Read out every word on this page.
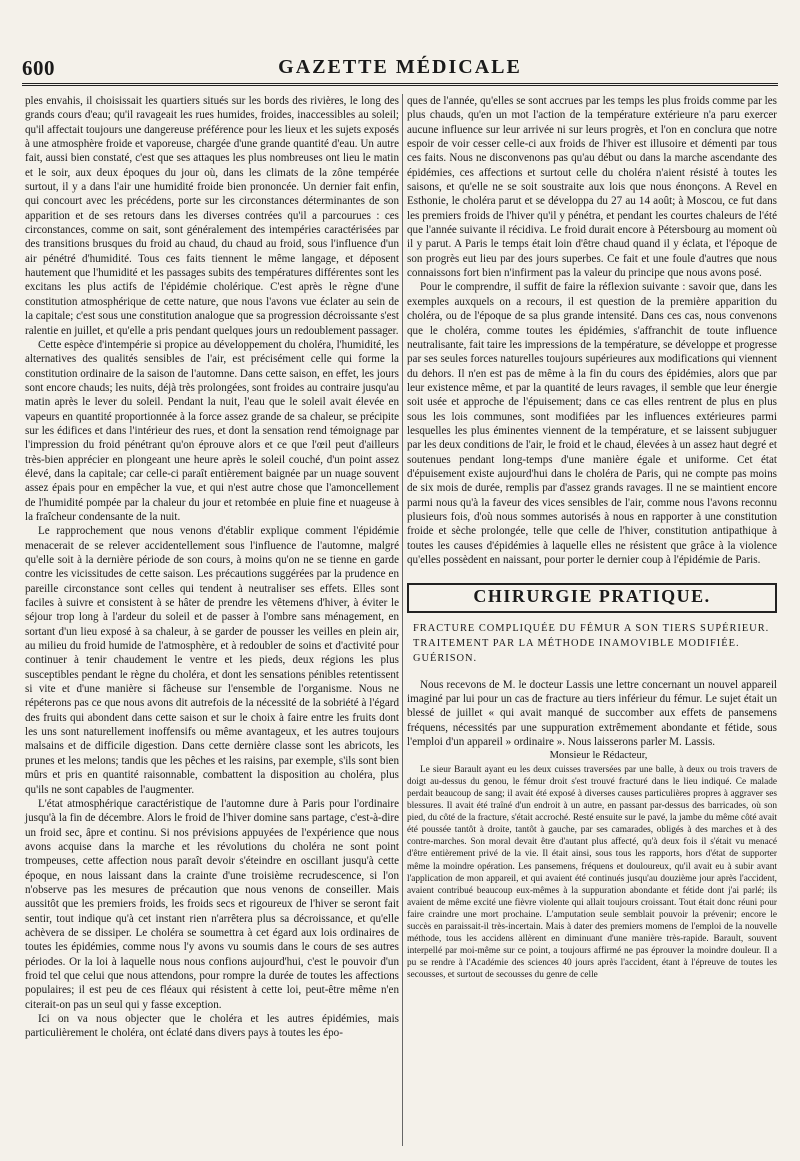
600	GAZETTE MÉDICALE

ples envahis, il choisissait les quartiers situés sur les bords des rivières, le long des grands cours d'eau; qu'il ravageait les rues humides, froides, inaccessibles au soleil; qu'il affectait toujours une dangereuse préférence pour les lieux et les sujets exposés à une atmosphère froide et vaporeuse, chargée d'une grande quantité d'eau. Un autre fait, aussi bien constaté, c'est que ses attaques les plus nombreuses ont lieu le matin et le soir, aux deux époques du jour où, dans les climats de la zône tempérée surtout, il y a dans l'air une humidité froide bien prononcée. Un dernier fait enfin, qui concourt avec les précédens, porte sur les circonstances déterminantes de son apparition et de ses retours dans les diverses contrées qu'il a parcourues : ces circonstances, comme on sait, sont généralement des intempéries caractérisées par des transitions brusques du froid au chaud, du chaud au froid, sous l'influence d'un air pénétré d'humidité. Tous ces faits tiennent le même langage, et déposent hautement que l'humidité et les passages subits des températures différentes sont les excitans les plus actifs de l'épidémie cholérique. C'est après le règne d'une constitution atmosphérique de cette nature, que nous l'avons vue éclater au sein de la capitale; c'est sous une constitution analogue que sa progression décroissante s'est ralentie en juillet, et qu'elle a pris pendant quelques jours un redoublement passager.

Cette espèce d'intempérie si propice au développement du choléra, l'humidité, les alternatives des qualités sensibles de l'air, est précisément celle qui forme la constitution ordinaire de la saison de l'automne. Dans cette saison, en effet, les jours sont encore chauds; les nuits, déjà très prolongées, sont froides au contraire jusqu'au matin après le lever du soleil. Pendant la nuit, l'eau que le soleil avait élevée en vapeurs en quantité proportionnée à la force assez grande de sa chaleur, se précipite sur les édifices et dans l'intérieur des rues, et dont la sensation rend témoignage par l'impression du froid pénétrant qu'on éprouve alors et ce que l'œil peut d'ailleurs très-bien apprécier en plongeant une heure après le soleil couché, d'un point assez élevé, dans la capitale; car celle-ci paraît entièrement baignée par un nuage souvent assez épais pour en empêcher la vue, et qui n'est autre chose que l'amoncellement de l'humidité pompée par la chaleur du jour et retombée en pluie fine et nuageuse à la fraîcheur condensante de la nuit.

Le rapprochement que nous venons d'établir explique comment l'épidémie menacerait de se relever accidentellement sous l'influence de l'automne, malgré qu'elle soit à la dernière période de son cours, à moins qu'on ne se tienne en garde contre les vicissitudes de cette saison. Les précautions suggérées par la prudence en pareille circonstance sont celles qui tendent à neutraliser ses effets. Elles sont faciles à suivre et consistent à se hâter de prendre les vêtemens d'hiver, à éviter le séjour trop long à l'ardeur du soleil et de passer à l'ombre sans ménagement, en sortant d'un lieu exposé à sa chaleur, à se garder de pousser les veilles en plein air, au milieu du froid humide de l'atmosphère, et à redoubler de soins et d'activité pour continuer à tenir chaudement le ventre et les pieds, deux régions les plus susceptibles pendant le règne du choléra, et dont les sensations pénibles retentissent si vite et d'une manière si fâcheuse sur l'ensemble de l'organisme. Nous ne répéterons pas ce que nous avons dit autrefois de la nécessité de la sobriété à l'égard des fruits qui abondent dans cette saison et sur le choix à faire entre les fruits dont les uns sont naturellement inoffensifs ou même avantageux, et les autres toujours malsains et de difficile digestion. Dans cette dernière classe sont les abricots, les prunes et les melons; tandis que les pêches et les raisins, par exemple, s'ils sont bien mûrs et pris en quantité raisonnable, combattent la disposition au choléra, plus qu'ils ne sont capables de l'augmenter.

L'état atmosphérique caractéristique de l'automne dure à Paris pour l'ordinaire jusqu'à la fin de décembre. Alors le froid de l'hiver domine sans partage, c'est-à-dire un froid sec, âpre et continu. Si nos prévisions appuyées de l'expérience que nous avons acquise dans la marche et les révolutions du choléra ne sont point trompeuses, cette affection nous paraît devoir s'éteindre en oscillant jusqu'à cette époque, en nous laissant dans la crainte d'une troisième recrudescence, si l'on n'observe pas les mesures de précaution que nous venons de conseiller. Mais aussitôt que les premiers froids, les froids secs et rigoureux de l'hiver se seront fait sentir, tout indique qu'à cet instant rien n'arrêtera plus sa décroissance, et qu'elle achèvera de se dissiper. Le choléra se soumettra à cet égard aux lois ordinaires de toutes les épidémies, comme nous l'y avons vu soumis dans le cours de ses autres périodes. Or la loi à laquelle nous nous confions aujourd'hui, c'est le pouvoir d'un froid tel que celui que nous attendons, pour rompre la durée de toutes les affections populaires; il est peu de ces fléaux qui résistent à cette loi, peut-être même n'en citerait-on pas un seul qui y fasse exception.

Ici on va nous objecter que le choléra et les autres épidémies, mais particulièrement le choléra, ont éclaté dans divers pays à toutes les épo-

ques de l'année, qu'elles se sont accrues par les temps les plus froids comme par les plus chauds, qu'en un mot l'action de la température extérieure n'a paru exercer aucune influence sur leur arrivée ni sur leurs progrès, et l'on en conclura que notre espoir de voir cesser celle-ci aux froids de l'hiver est illusoire et démenti par tous ces faits. Nous ne disconvenons pas qu'au début ou dans la marche ascendante des épidémies, ces affections et surtout celle du choléra n'aient résisté à toutes les saisons, et qu'elle ne se soit soustraite aux lois que nous énonçons. A Revel en Esthonie, le choléra parut et se développa du 27 au 14 août; à Moscou, ce fut dans les premiers froids de l'hiver qu'il y pénétra, et pendant les courtes chaleurs de l'été que l'année suivante il récidiva. Le froid durait encore à Pétersbourg au moment où il y parut. A Paris le temps était loin d'être chaud quand il y éclata, et l'époque de son progrès eut lieu par des jours superbes. Ce fait et une foule d'autres que nous connaissons fort bien n'infirment pas la valeur du principe que nous avons posé.

Pour le comprendre, il suffit de faire la réflexion suivante : savoir que, dans les exemples auxquels on a recours, il est question de la première apparition du choléra, ou de l'époque de sa plus grande intensité. Dans ces cas, nous convenons que le choléra, comme toutes les épidémies, s'affranchit de toute influence neutralisante, fait taire les impressions de la température, se développe et progresse par ses seules forces naturelles toujours supérieures aux modifications qui viennent du dehors. Il n'en est pas de même à la fin du cours des épidémies, alors que par leur existence même, et par la quantité de leurs ravages, il semble que leur énergie soit usée et approche de l'épuisement; dans ce cas elles rentrent de plus en plus sous les lois communes, sont modifiées par les influences extérieures parmi lesquelles les plus éminentes viennent de la température, et se laissent subjuguer par les deux conditions de l'air, le froid et le chaud, élevées à un assez haut degré et soutenues pendant long-temps d'une manière égale et uniforme. Cet état d'épuisement existe aujourd'hui dans le choléra de Paris, qui ne compte pas moins de six mois de durée, remplis par d'assez grands ravages. Il ne se maintient encore parmi nous qu'à la faveur des vices sensibles de l'air, comme nous l'avons reconnu plusieurs fois, d'où nous sommes autorisés à nous en rapporter à une constitution froide et sèche prolongée, telle que celle de l'hiver, constitution antipathique à toutes les causes d'épidémies à laquelle elles ne résistent que grâce à la violence qu'elles possèdent en naissant, pour porter le dernier coup à l'épidémie de Paris.

CHIRURGIE PRATIQUE.
FRACTURE COMPLIQUÉE DU FÉMUR A SON TIERS SUPÉRIEUR.
TRAITEMENT PAR LA MÉTHODE INAMOVIBLE MODIFIÉE.
GUÉRISON.

Nous recevons de M. le docteur Lassis une lettre concernant un nouvel appareil imaginé par lui pour un cas de fracture au tiers inférieur du fémur. Le sujet était un blessé de juillet « qui avait manqué de succomber aux effets de pansemens fréquens, nécessités par une suppuration extrêmement abondante et fétide, sous l'emploi d'un appareil » ordinaire ». Nous laisserons parler M. Lassis.

Monsieur le Rédacteur,

Le sieur Barault ayant eu les deux cuisses traversées par une balle, à deux ou trois travers de doigt au-dessus du genou, le fémur droit s'est trouvé fracturé dans le lieu indiqué. Ce malade perdait beaucoup de sang; il avait été exposé à diverses causes particulières propres à aggraver ses blessures. Il avait été traîné d'un endroit à un autre, en passant par-dessus des barricades, où son pied, du côté de la fracture, s'était accroché. Resté ensuite sur le pavé, la jambe du même côté avait été poussée tantôt à droite, tantôt à gauche, par ses camarades, obligés à des marches et à des contre-marches. Son moral devait être d'autant plus affecté, qu'à deux fois il s'était vu menacé d'être entièrement privé de la vie. Il était ainsi, sous tous les rapports, hors d'état de supporter même la moindre opération. Les pansemens, fréquens et douloureux, qu'il avait eu à subir avant l'application de mon appareil, et qui avaient été continués jusqu'au douzième jour après l'accident, avaient contribué beaucoup eux-mêmes à la suppuration abondante et fétide dont j'ai parlé; ils avaient de même excité une fièvre violente qui allait toujours croissant. Tout était donc réuni pour faire craindre une mort prochaine. L'amputation seule semblait pouvoir la prévenir; encore le succès en paraissait-il très-incertain. Mais à dater des premiers momens de l'emploi de la nouvelle méthode, tous les accidens allèrent en diminuant d'une manière très-rapide. Barault, souvent interpellé par moi-même sur ce point, a toujours affirmé ne pas éprouver la moindre douleur. Il a pu se rendre à l'Académie des sciences 40 jours après l'accident, étant à l'épreuve de toutes les secousses, et surtout de secousses du genre de celle
